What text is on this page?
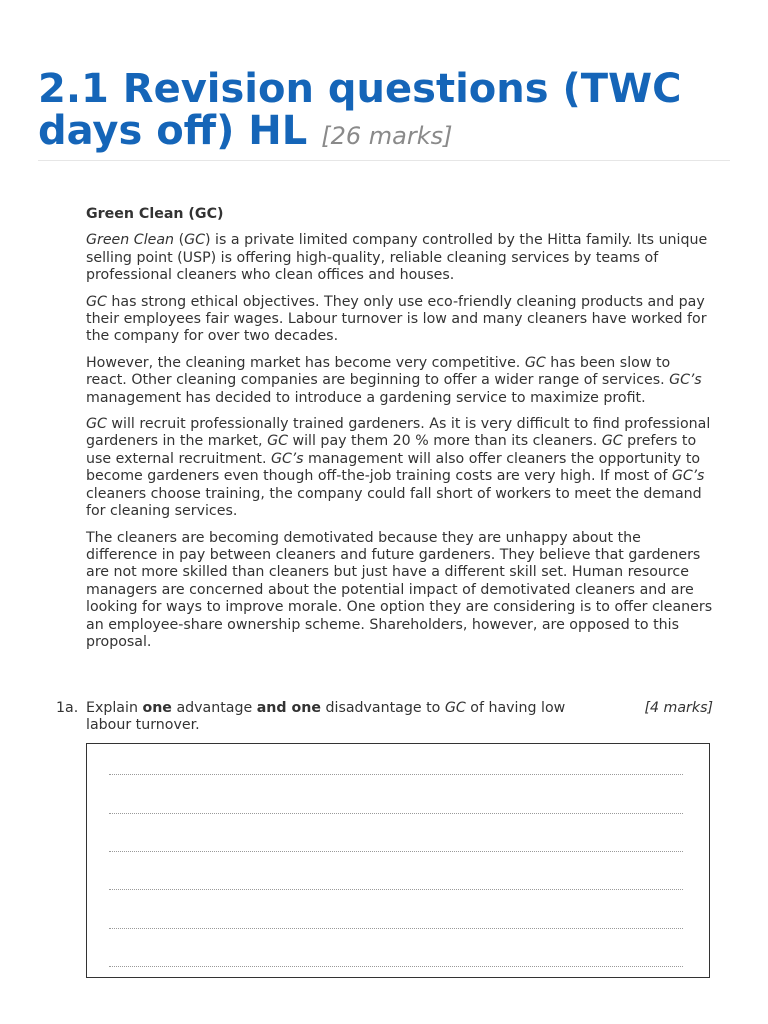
2.1 Revision questions (TWC days off) HL [26 marks]
Green Clean (GC)

Green Clean (GC) is a private limited company controlled by the Hitta family. Its unique selling point (USP) is offering high-quality, reliable cleaning services by teams of professional cleaners who clean offices and houses.

GC has strong ethical objectives. They only use eco-friendly cleaning products and pay their employees fair wages. Labour turnover is low and many cleaners have worked for the company for over two decades.

However, the cleaning market has become very competitive. GC has been slow to react. Other cleaning companies are beginning to offer a wider range of services. GC’s management has decided to introduce a gardening service to maximize profit.

GC will recruit professionally trained gardeners. As it is very difficult to find professional gardeners in the market, GC will pay them 20 % more than its cleaners. GC prefers to use external recruitment. GC’s management will also offer cleaners the opportunity to become gardeners even though off-the-job training costs are very high. If most of GC’s cleaners choose training, the company could fall short of workers to meet the demand for cleaning services.

The cleaners are becoming demotivated because they are unhappy about the difference in pay between cleaners and future gardeners. They believe that gardeners are not more skilled than cleaners but just have a different skill set. Human resource managers are concerned about the potential impact of demotivated cleaners and are looking for ways to improve morale. One option they are considering is to offer cleaners an employee-share ownership scheme. Shareholders, however, are opposed to this proposal.

1a. Explain one advantage and one disadvantage to GC of having low labour turnover.
[4 marks]
